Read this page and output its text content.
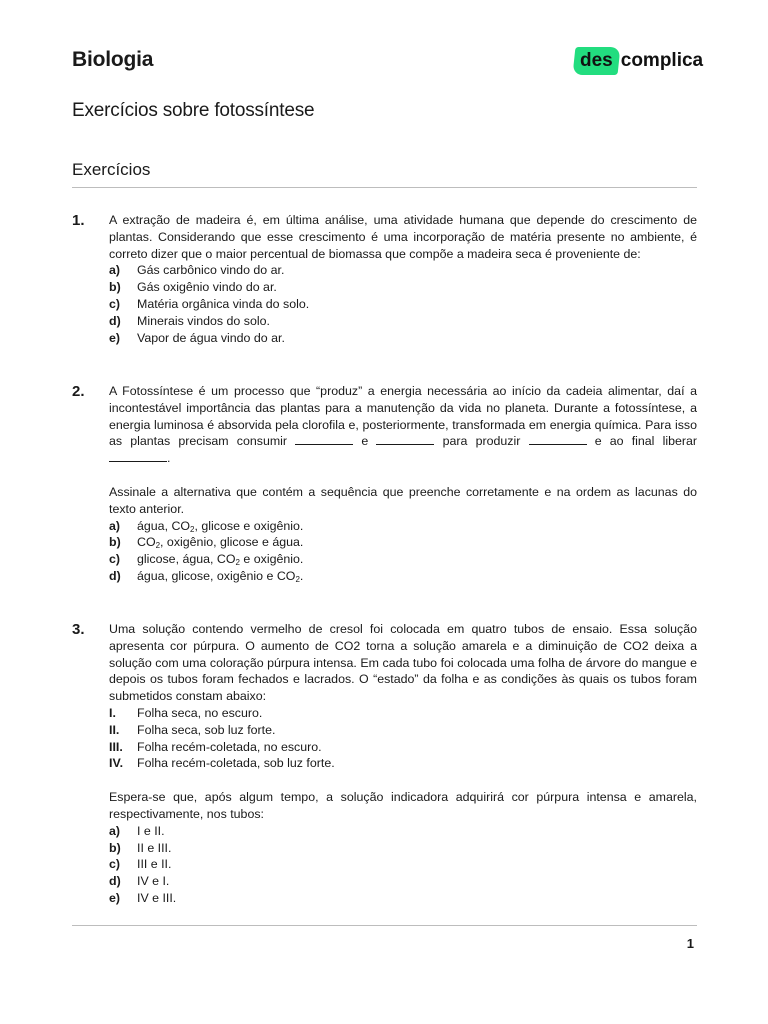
Biologia	des complica
Exercícios sobre fotossíntese
Exercícios
1. A extração de madeira é, em última análise, uma atividade humana que depende do crescimento de plantas. Considerando que esse crescimento é uma incorporação de matéria presente no ambiente, é correto dizer que o maior percentual de biomassa que compõe a madeira seca é proveniente de:
a)	Gás carbônico vindo do ar.
b)	Gás oxigênio vindo do ar.
c)	Matéria orgânica vinda do solo.
d)	Minerais vindos do solo.
e)	Vapor de água vindo do ar.
2. A Fotossíntese é um processo que “produz” a energia necessária ao início da cadeia alimentar, daí a incontestável importância das plantas para a manutenção da vida no planeta. Durante a fotossíntese, a energia luminosa é absorvida pela clorofila e, posteriormente, transformada em energia química. Para isso as plantas precisam consumir	e	para produzir	e ao final liberar .
Assinale a alternativa que contém a sequência que preenche corretamente e na ordem as lacunas do texto anterior.
a)	água, $CO_2$, glicose e oxigênio.
b)	$CO_2$, oxigênio, glicose e água.
c)	glicose, água, $CO_2$ e oxigênio.
d)	água, glicose, oxigênio e $CO_2$.
3. Uma solução contendo vermelho de cresol foi colocada em quatro tubos de ensaio. Essa solução apresenta cor púrpura. O aumento de CO2 torna a solução amarela e a diminuição de CO2 deixa a solução com uma coloração púrpura intensa. Em cada tubo foi colocada uma folha de árvore do mangue e depois os tubos foram fechados e lacrados. O “estado” da folha e as condições às quais os tubos foram submetidos constam abaixo:
I.	Folha seca, no escuro.
II.	Folha seca, sob luz forte.
III.	Folha recém-coletada, no escuro.
IV.	Folha recém-coletada, sob luz forte.
Espera-se que, após algum tempo, a solução indicadora adquirirá cor púrpura intensa e amarela, respectivamente, nos tubos:
a)	I e II.
b)	II e III.
c)	III e II.
d)	IV e I.
e)	IV e III.
1
